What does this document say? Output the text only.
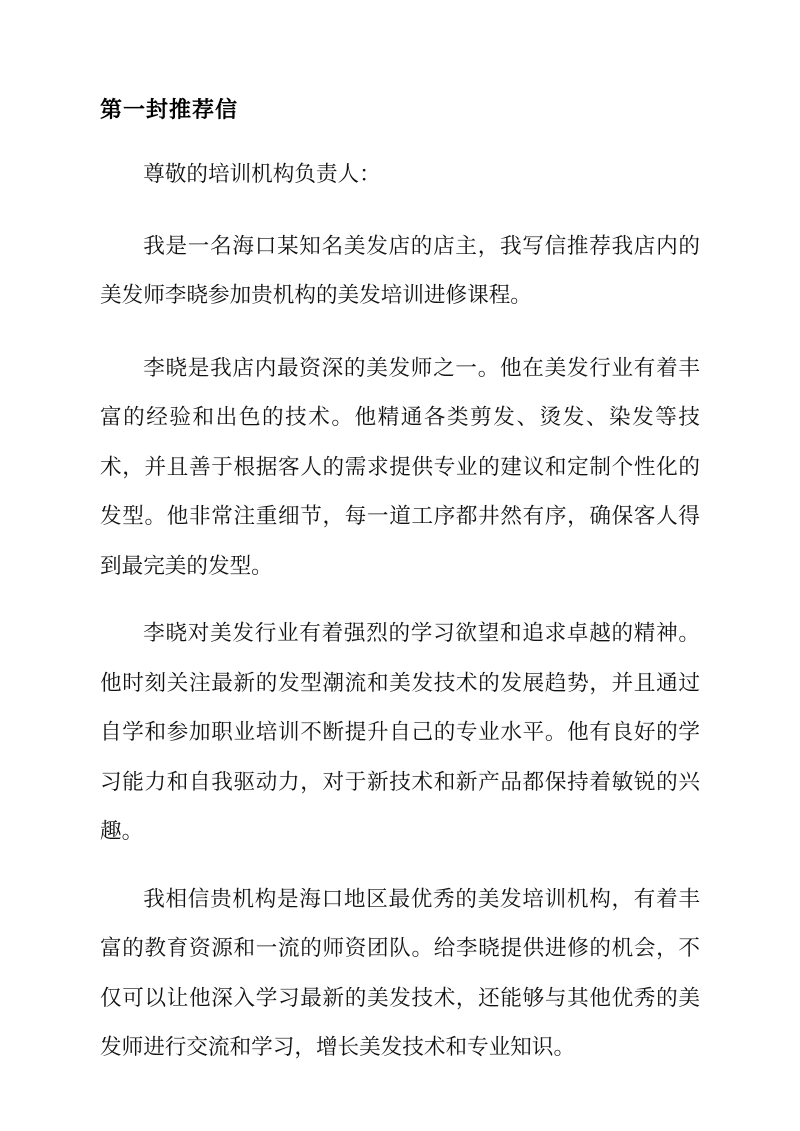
第一封推荐信

尊敬的培训机构负责人：

我是一名海口某知名美发店的店主，我写信推荐我店内的美发师李晓参加贵机构的美发培训进修课程。

李晓是我店内最资深的美发师之一。他在美发行业有着丰富的经验和出色的技术。他精通各类剪发、烫发、染发等技术，并且善于根据客人的需求提供专业的建议和定制个性化的发型。他非常注重细节，每一道工序都井然有序，确保客人得到最完美的发型。

李晓对美发行业有着强烈的学习欲望和追求卓越的精神。他时刻关注最新的发型潮流和美发技术的发展趋势，并且通过自学和参加职业培训不断提升自己的专业水平。他有良好的学习能力和自我驱动力，对于新技术和新产品都保持着敏锐的兴趣。

我相信贵机构是海口地区最优秀的美发培训机构，有着丰富的教育资源和一流的师资团队。给李晓提供进修的机会，不仅可以让他深入学习最新的美发技术，还能够与其他优秀的美发师进行交流和学习，增长美发技术和专业知识。
